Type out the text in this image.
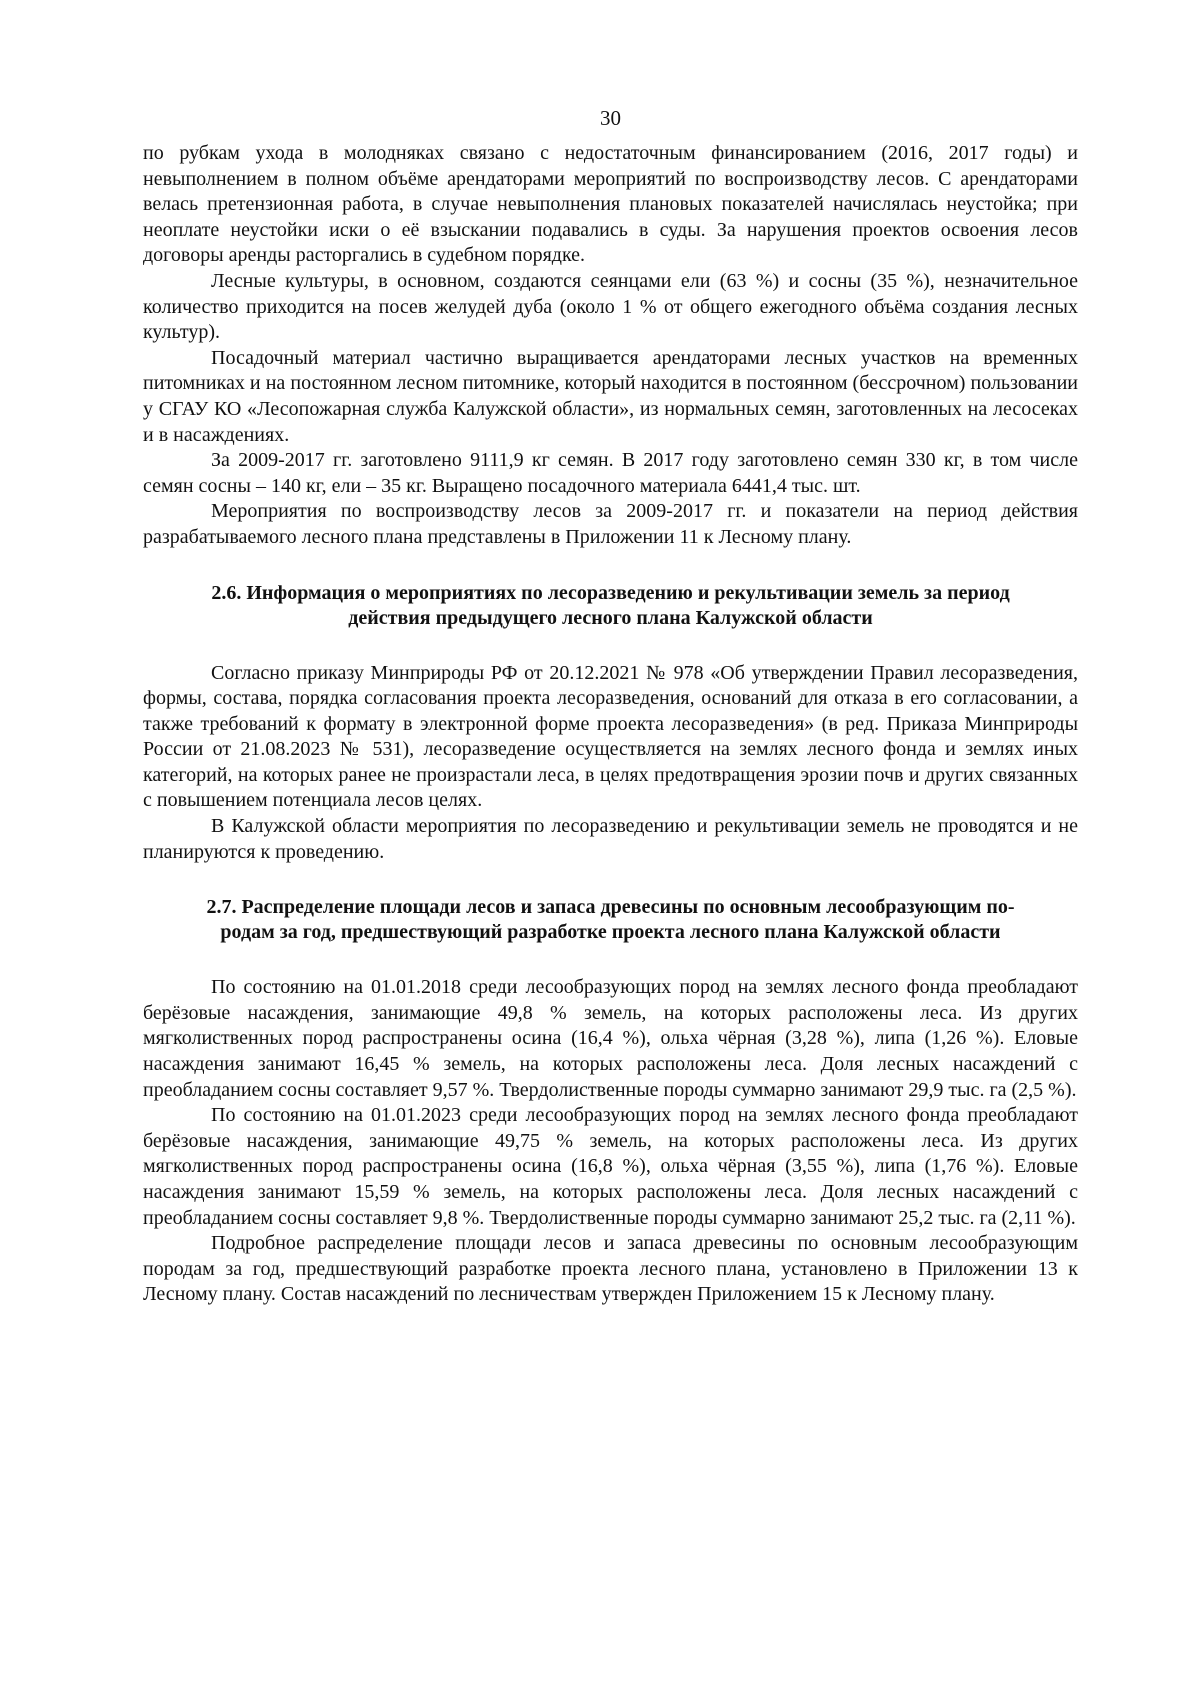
30

по рубкам ухода в молодняках связано с недостаточным финансированием (2016, 2017 годы) и невыполнением в полном объёме арендаторами мероприятий по воспроизводству лесов. С арендаторами велась претензионная работа, в случае невыполнения плановых показателей начислялась неустойка; при неоплате неустойки иски о её взыскании подавались в суды. За нарушения проектов освоения лесов договоры аренды расторгались в судебном порядке.

Лесные культуры, в основном, создаются сеянцами ели (63 %) и сосны (35 %), незначительное количество приходится на посев желудей дуба (около 1 % от общего ежегодного объёма создания лесных культур).

Посадочный материал частично выращивается арендаторами лесных участков на временных питомниках и на постоянном лесном питомнике, который находится в постоянном (бессрочном) пользовании у СГАУ КО «Лесопожарная служба Калужской области», из нормальных семян, заготовленных на лесосеках и в насаждениях.

За 2009-2017 гг. заготовлено 9111,9 кг семян. В 2017 году заготовлено семян 330 кг, в том числе семян сосны – 140 кг, ели – 35 кг. Выращено посадочного материала 6441,4 тыс. шт.

Мероприятия по воспроизводству лесов за 2009-2017 гг. и показатели на период действия разрабатываемого лесного плана представлены в Приложении 11 к Лесному плану.

2.6. Информация о мероприятиях по лесоразведению и рекультивации земель за период
действия предыдущего лесного плана Калужской области

Согласно приказу Минприроды РФ от 20.12.2021 № 978 «Об утверждении Правил лесоразведения, формы, состава, порядка согласования проекта лесоразведения, оснований для отказа в его согласовании, а также требований к формату в электронной форме проекта лесоразведения» (в ред. Приказа Минприроды России от 21.08.2023 № 531), лесоразведение осуществляется на землях лесного фонда и землях иных категорий, на которых ранее не произрастали леса, в целях предотвращения эрозии почв и других связанных с повышением потенциала лесов целях.

В Калужской области мероприятия по лесоразведению и рекультивации земель не проводятся и не планируются к проведению.

2.7. Распределение площади лесов и запаса древесины по основным лесообразующим по-
родам за год, предшествующий разработке проекта лесного плана Калужской области

По состоянию на 01.01.2018 среди лесообразующих пород на землях лесного фонда преобладают берёзовые насаждения, занимающие 49,8 % земель, на которых расположены леса. Из других мягколиственных пород распространены осина (16,4 %), ольха чёрная (3,28 %), липа (1,26 %). Еловые насаждения занимают 16,45 % земель, на которых расположены леса. Доля лесных насаждений с преобладанием сосны составляет 9,57 %. Твердолиственные породы суммарно занимают 29,9 тыс. га (2,5 %).

По состоянию на 01.01.2023 среди лесообразующих пород на землях лесного фонда преобладают берёзовые насаждения, занимающие 49,75 % земель, на которых расположены леса. Из других мягколиственных пород распространены осина (16,8 %), ольха чёрная (3,55 %), липа (1,76 %). Еловые насаждения занимают 15,59 % земель, на которых расположены леса. Доля лесных насаждений с преобладанием сосны составляет 9,8 %. Твердолиственные породы суммарно занимают 25,2 тыс. га (2,11 %).

Подробное распределение площади лесов и запаса древесины по основным лесообразующим породам за год, предшествующий разработке проекта лесного плана, установлено в Приложении 13 к Лесному плану. Состав насаждений по лесничествам утвержден Приложением 15 к Лесному плану.
